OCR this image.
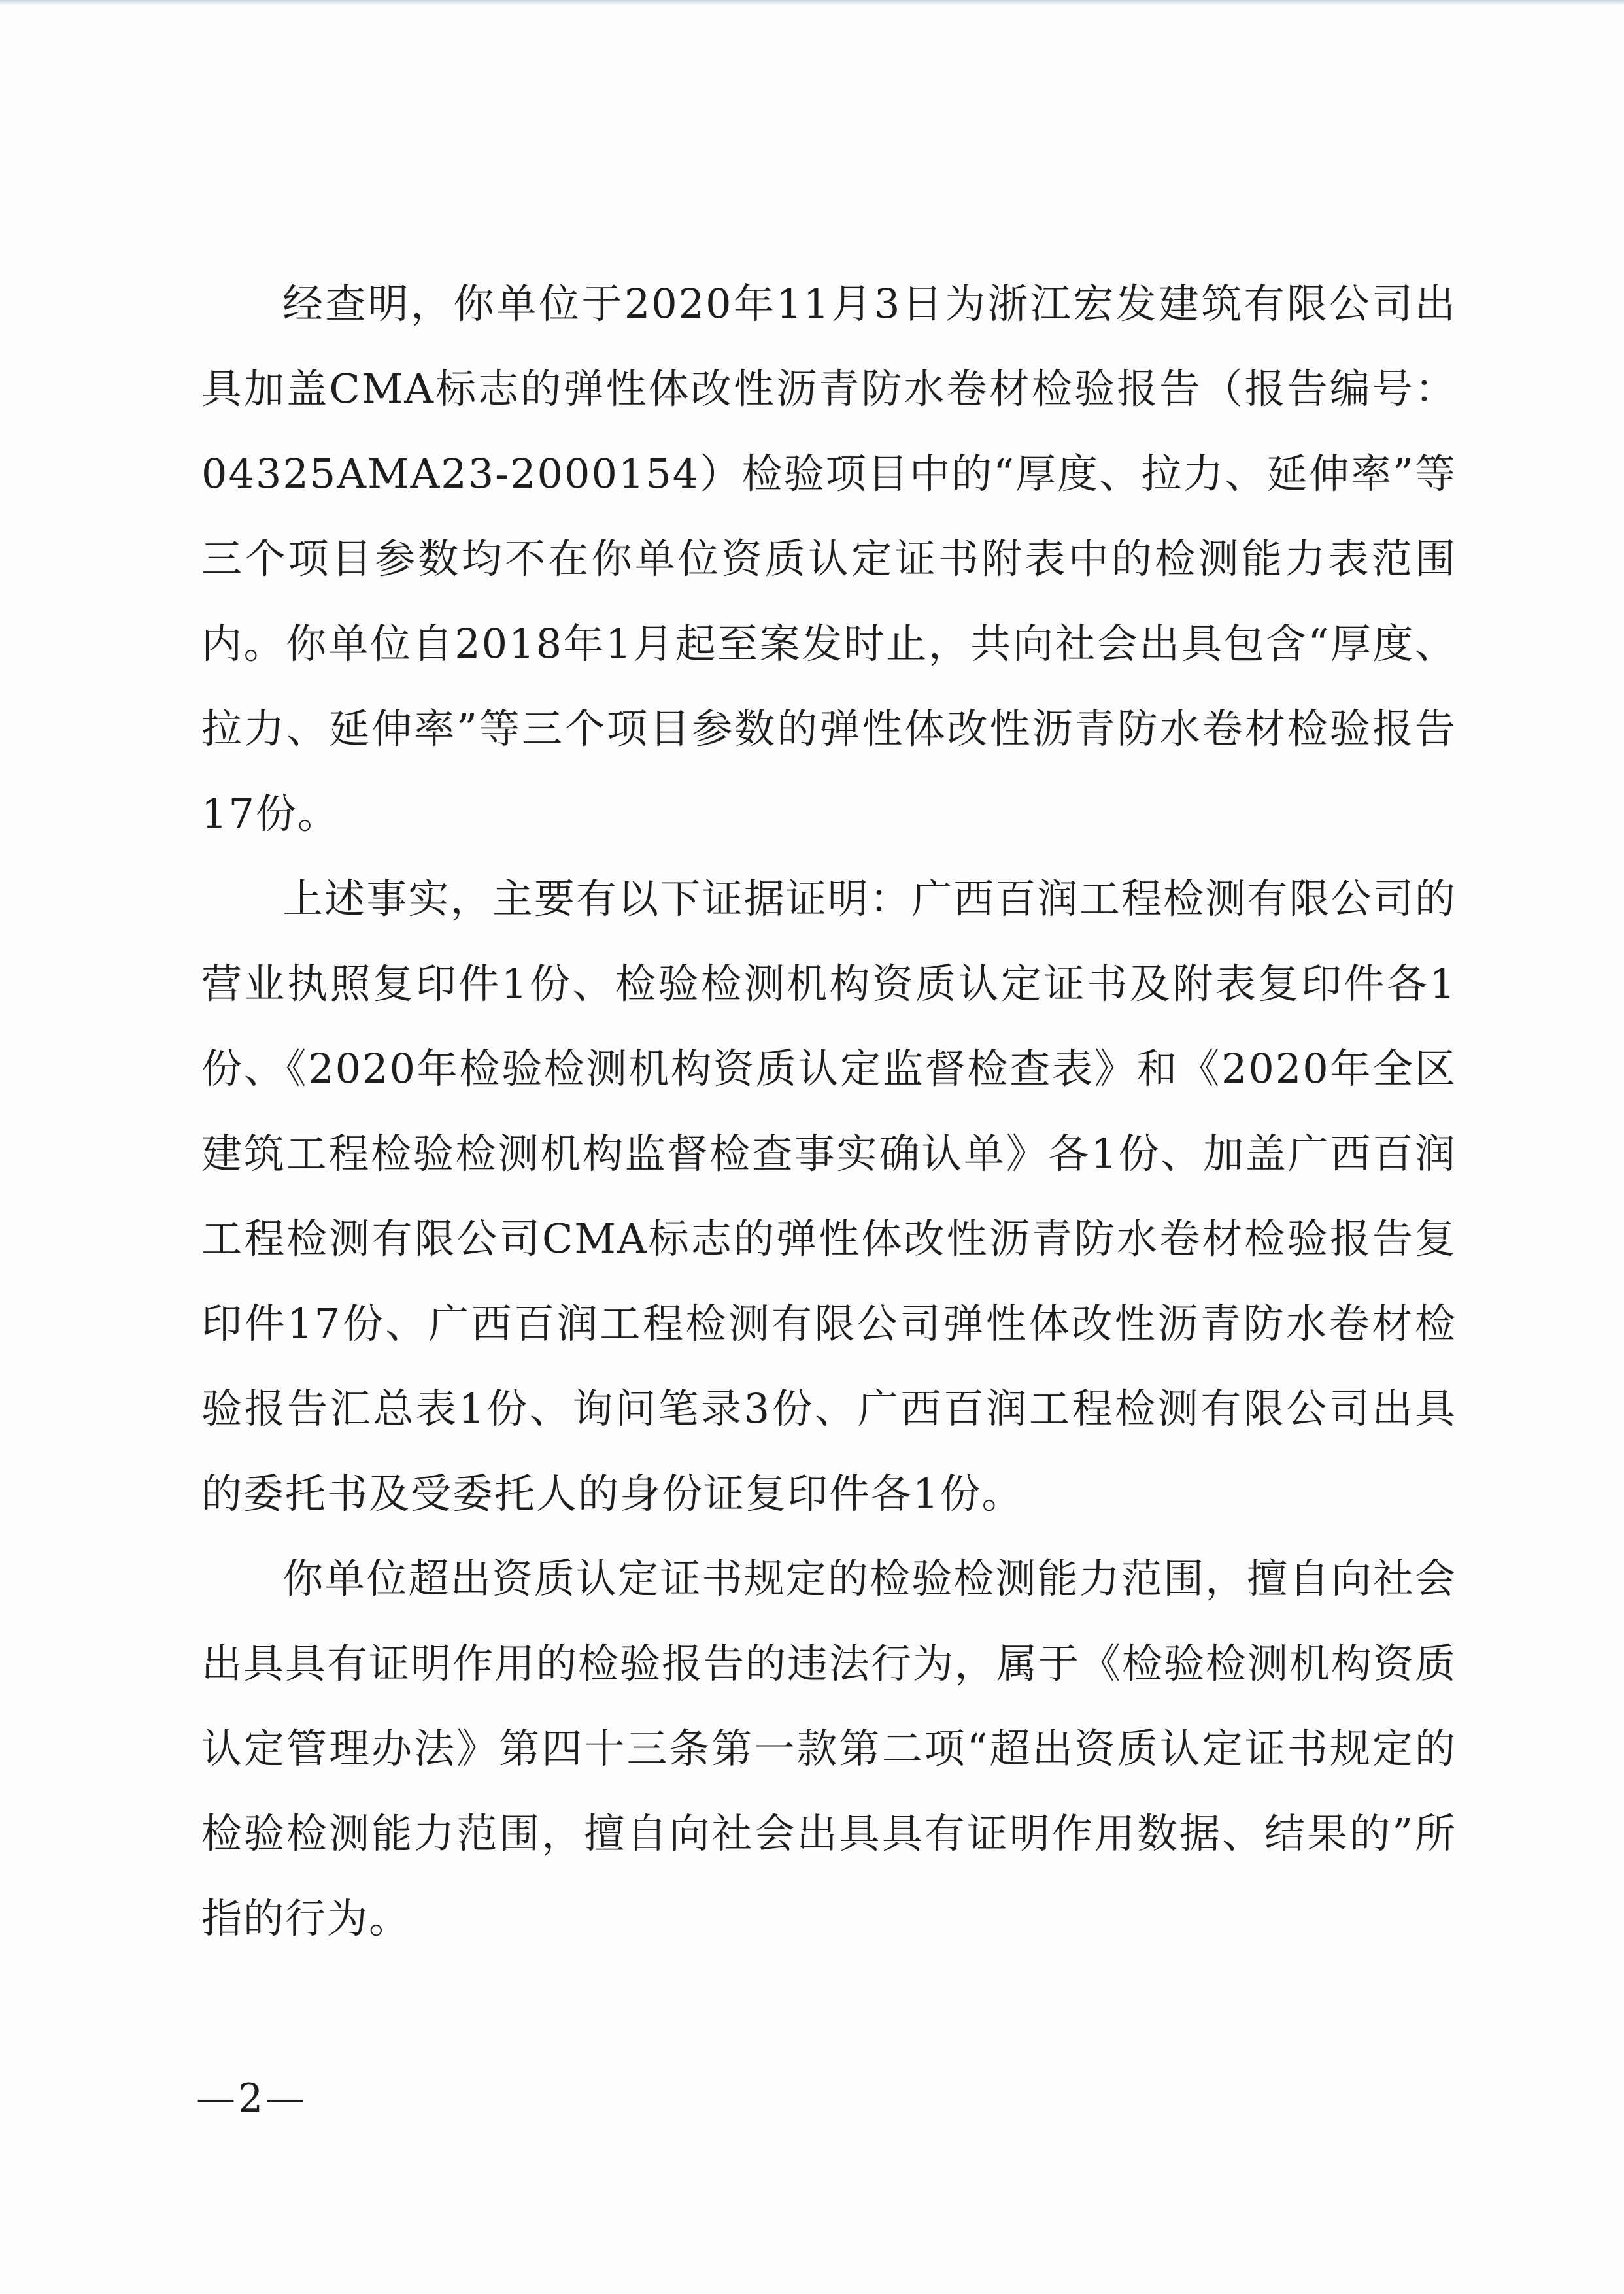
经查明，你单位于2020年11月3日为浙江宏发建筑有限公司出具加盖CMA标志的弹性体改性沥青防水卷材检验报告（报告编号：04325AMA23-2000154）检验项目中的“厚度、拉力、延伸率”等三个项目参数均不在你单位资质认定证书附表中的检测能力表范围内。你单位自2018年1月起至案发时止，共向社会出具包含“厚度、拉力、延伸率”等三个项目参数的弹性体改性沥青防水卷材检验报告17份。

上述事实，主要有以下证据证明：广西百润工程检测有限公司的营业执照复印件1份、检验检测机构资质认定证书及附表复印件各1份、《2020年检验检测机构资质认定监督检查表》和《2020年全区建筑工程检验检测机构监督检查事实确认单》各1份、加盖广西百润工程检测有限公司CMA标志的弹性体改性沥青防水卷材检验报告复印件17份、广西百润工程检测有限公司弹性体改性沥青防水卷材检验报告汇总表1份、询问笔录3份、广西百润工程检测有限公司出具的委托书及受委托人的身份证复印件各1份。

你单位超出资质认定证书规定的检验检测能力范围，擅自向社会出具具有证明作用的检验报告的违法行为，属于《检验检测机构资质认定管理办法》第四十三条第一款第二项“超出资质认定证书规定的检验检测能力范围，擅自向社会出具具有证明作用数据、结果的”所指的行为。

—2—
